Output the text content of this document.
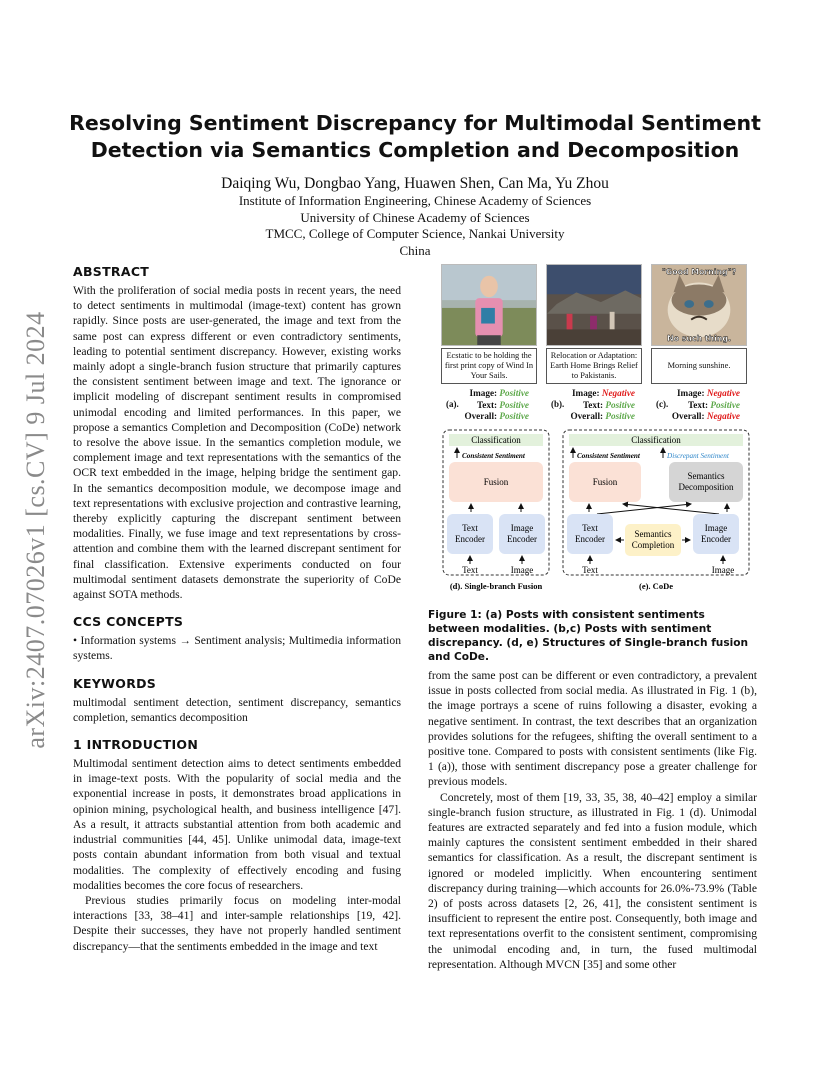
arXiv:2407.07026v1 [cs.CV] 9 Jul 2024
Resolving Sentiment Discrepancy for Multimodal Sentiment Detection via Semantics Completion and Decomposition
Daiqing Wu, Dongbao Yang, Huawen Shen, Can Ma, Yu Zhou
Institute of Information Engineering, Chinese Academy of Sciences
University of Chinese Academy of Sciences
TMCC, College of Computer Science, Nankai University
China
ABSTRACT

With the proliferation of social media posts in recent years, the need to detect sentiments in multimodal (image-text) content has grown rapidly. Since posts are user-generated, the image and text from the same post can express different or even contradictory sentiments, leading to potential sentiment discrepancy. However, existing works mainly adopt a single-branch fusion structure that primarily captures the consistent sentiment between image and text. The ignorance or implicit modeling of discrepant sentiment results in compromised unimodal encoding and limited performances. In this paper, we propose a semantics Completion and Decomposition (CoDe) network to resolve the above issue. In the semantics completion module, we complement image and text representations with the semantics of the OCR text embedded in the image, helping bridge the sentiment gap. In the semantics decomposition module, we decompose image and text representations with exclusive projection and contrastive learning, thereby explicitly capturing the discrepant sentiment between modalities. Finally, we fuse image and text representations by cross-attention and combine them with the learned discrepant sentiment for final classification. Extensive experiments conducted on four multimodal sentiment datasets demonstrate the superiority of CoDe against SOTA methods.

CCS CONCEPTS

• Information systems → Sentiment analysis; Multimedia information systems.

KEYWORDS

multimodal sentiment detection, sentiment discrepancy, semantics completion, semantics decomposition

1 INTRODUCTION

Multimodal sentiment detection aims to detect sentiments embedded in image-text posts. With the popularity of social media and the exponential increase in posts, it demonstrates broad applications in opinion mining, psychological health, and business intelligence [47]. As a result, it attracts substantial attention from both academic and industrial communities [44, 45]. Unlike unimodal data, image-text posts contain abundant information from both visual and textual modalities. The complexity of effectively encoding and fusing modalities becomes the core focus of researchers.

Previous studies primarily focus on modeling inter-modal interactions [33, 38–41] and inter-sample relationships [19, 42]. Despite their successes, they have not properly handled sentiment discrepancy—that the sentiments embedded in the image and text

"Good Morning"?
No such thing.
Ecstatic to be holding the first print copy of Wind In Your Sails.
Relocation or Adaptation: Earth Home Brings Relief to Pakistanis.
Morning sunshine.
Image: Positive
Text: Positive
Overall: Positive
(a).
Image: Negative
Text: Positive
Overall: Positive
(b).
Image: Negative
Text: Positive
Overall: Negative
(c).
Classification
Consistent Sentiment
Fusion
Text
Encoder
Image
Encoder
Text	Image
(d). Single-branch Fusion
Classification
Consistent Sentiment	Discrepant Sentiment
Fusion
Semantics
Decomposition
Text
Encoder	Semantics
Completion
Image
Encoder
Text	Image
(e). CoDe
Figure 1: (a) Posts with consistent sentiments between modalities. (b,c) Posts with sentiment discrepancy. (d, e) Structures of Single-branch fusion and CoDe.

from the same post can be different or even contradictory, a prevalent issue in posts collected from social media. As illustrated in Fig. 1 (b), the image portrays a scene of ruins following a disaster, evoking a negative sentiment. In contrast, the text describes that an organization provides solutions for the refugees, shifting the overall sentiment to a positive tone. Compared to posts with consistent sentiments (like Fig. 1 (a)), those with sentiment discrepancy pose a greater challenge for previous models.

Concretely, most of them [19, 33, 35, 38, 40–42] employ a similar single-branch fusion structure, as illustrated in Fig. 1 (d). Unimodal features are extracted separately and fed into a fusion module, which mainly captures the consistent sentiment embedded in their shared semantics for classification. As a result, the discrepant sentiment is ignored or modeled implicitly. When encountering sentiment discrepancy during training—which accounts for 26.0%-73.9% (Table 2) of posts across datasets [2, 26, 41], the consistent sentiment is insufficient to represent the entire post. Consequently, both image and text representations overfit to the consistent sentiment, compromising the unimodal encoding and, in turn, the fused multimodal representation. Although MVCN [35] and some other
